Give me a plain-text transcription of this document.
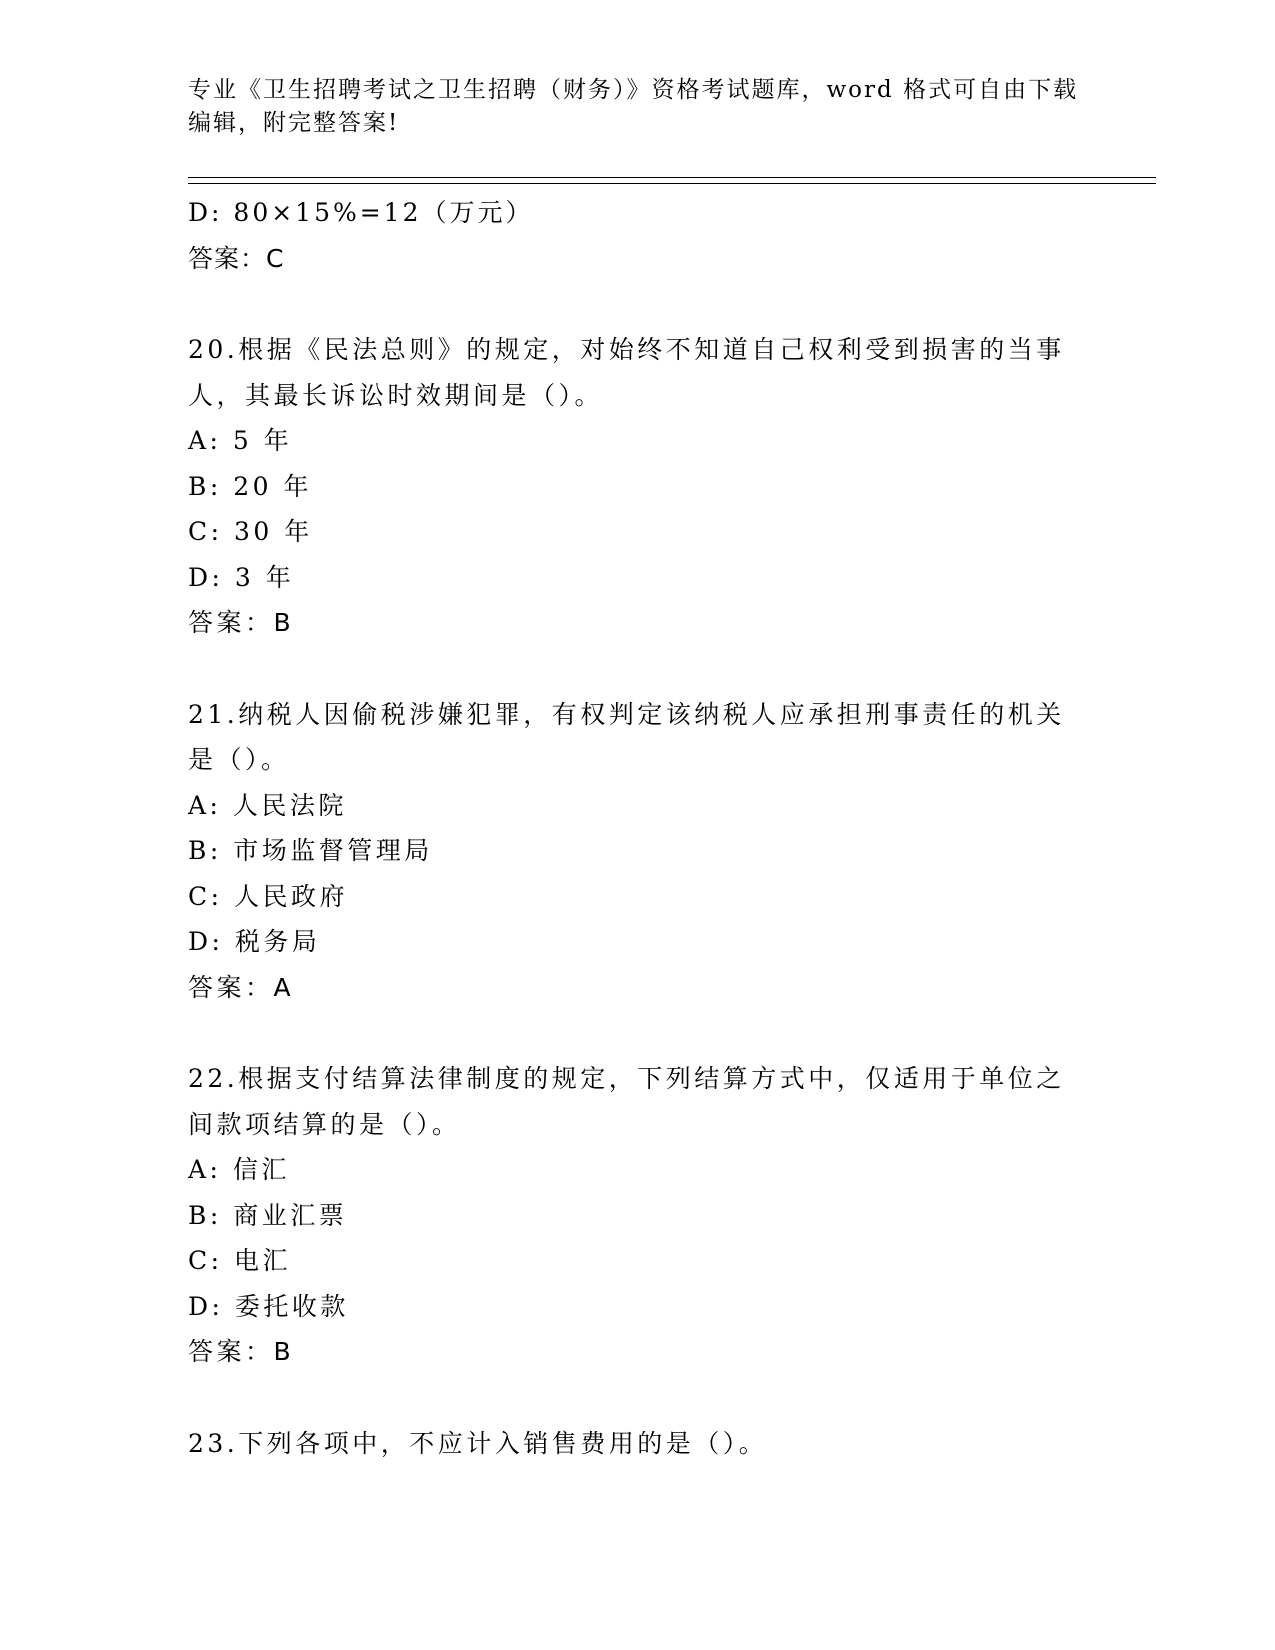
专业《卫生招聘考试之卫生招聘（财务）》资格考试题库，word 格式可自由下载
编辑，附完整答案!
D: 80×15%=12（万元）
答案：C
20.根据《民法总则》的规定，对始终不知道自己权利受到损害的当事
人，其最长诉讼时效期间是（）。
A: 5 年
B: 20 年
C: 30 年
D: 3 年
答案：B
21.纳税人因偷税涉嫌犯罪，有权判定该纳税人应承担刑事责任的机关
是（）。
A: 人民法院
B: 市场监督管理局
C: 人民政府
D: 税务局
答案：A
22.根据支付结算法律制度的规定，下列结算方式中，仅适用于单位之
间款项结算的是（）。
A: 信汇
B: 商业汇票
C: 电汇
D: 委托收款
答案：B
23.下列各项中，不应计入销售费用的是（）。
